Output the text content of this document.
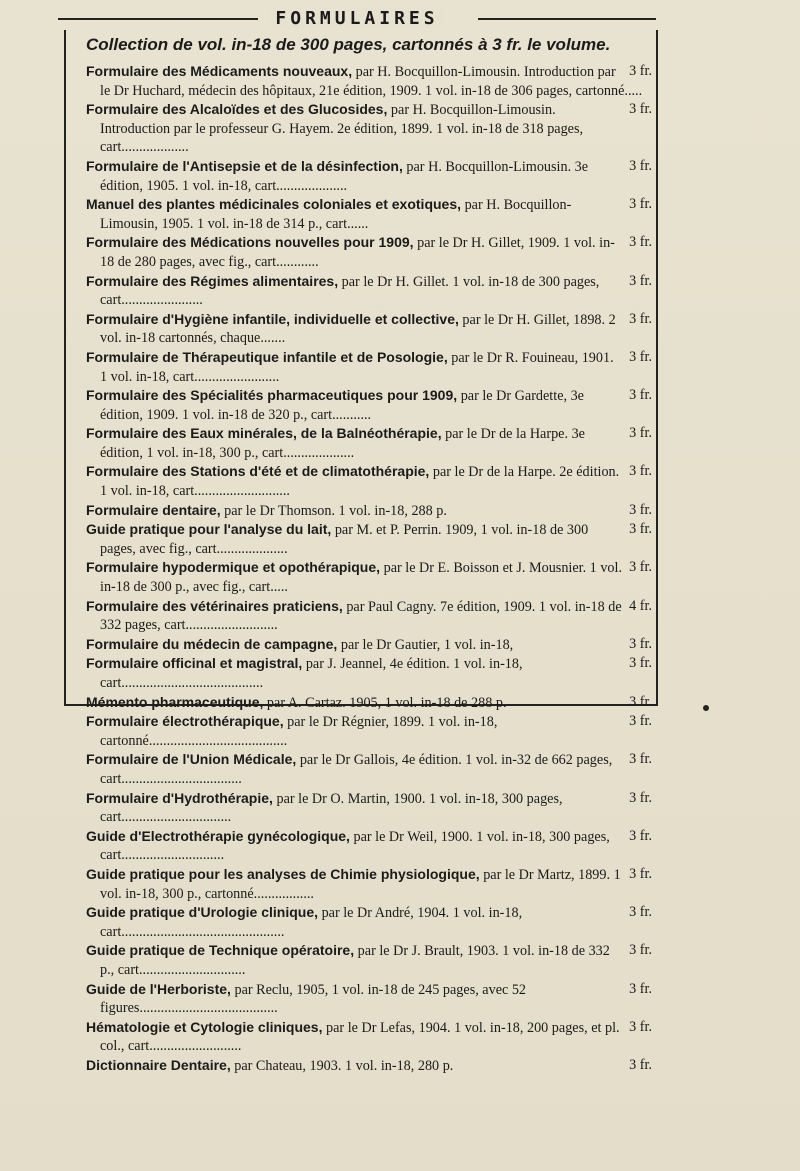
FORMULAIRES
Collection de vol. in-18 de 300 pages, cartonnés à 3 fr. le volume.

3 fr.
Formulaire des Médicaments nouveaux, par H. Bocquillon-Limousin. Introduction par le Dr Huchard, médecin des hôpitaux, 21e édition, 1909. 1 vol. in-18 de 306 pages, cartonné.....

3 fr.
Formulaire des Alcaloïdes et des Glucosides, par H. Bocquillon-Limousin. Introduction par le professeur G. Hayem. 2e édition, 1899. 1 vol. in-18 de 318 pages, cart...................

3 fr.
Formulaire de l'Antisepsie et de la désinfection, par H. Bocquillon-Limousin. 3e édition, 1905. 1 vol. in-18, cart....................

3 fr.
Manuel des plantes médicinales coloniales et exotiques, par H. Bocquillon-Limousin, 1905. 1 vol. in-18 de 314 p., cart......

3 fr.
Formulaire des Médications nouvelles pour 1909, par le Dr H. Gillet, 1909. 1 vol. in-18 de 280 pages, avec fig., cart............

3 fr.
Formulaire des Régimes alimentaires, par le Dr H. Gillet. 1 vol. in-18 de 300 pages, cart.......................

3 fr.
Formulaire d'Hygiène infantile, individuelle et collective, par le Dr H. Gillet, 1898. 2 vol. in-18 cartonnés, chaque.......

3 fr.
Formulaire de Thérapeutique infantile et de Posologie, par le Dr R. Fouineau, 1901. 1 vol. in-18, cart........................

3 fr.
Formulaire des Spécialités pharmaceutiques pour 1909, par le Dr Gardette, 3e édition, 1909. 1 vol. in-18 de 320 p., cart...........

3 fr.
Formulaire des Eaux minérales, de la Balnéothérapie, par le Dr de la Harpe. 3e édition, 1 vol. in-18, 300 p., cart....................

3 fr.
Formulaire des Stations d'été et de climatothérapie, par le Dr de la Harpe. 2e édition. 1 vol. in-18, cart...........................

3 fr.
Formulaire dentaire, par le Dr Thomson. 1 vol. in-18, 288 p.

3 fr.
Guide pratique pour l'analyse du lait, par M. et P. Perrin. 1909, 1 vol. in-18 de 300 pages, avec fig., cart....................

3 fr.
Formulaire hypodermique et opothérapique, par le Dr E. Boisson et J. Mousnier. 1 vol. in-18 de 300 p., avec fig., cart.....

4 fr.
Formulaire des vétérinaires praticiens, par Paul Cagny. 7e édition, 1909. 1 vol. in-18 de 332 pages, cart..........................

3 fr.
Formulaire du médecin de campagne, par le Dr Gautier, 1 vol. in-18,

3 fr.
Formulaire officinal et magistral, par J. Jeannel, 4e édition. 1 vol. in-18, cart........................................

3 fr.
Mémento pharmaceutique, par A. Cartaz. 1905, 1 vol. in-18 de 288 p.

3 fr.
Formulaire électrothérapique, par le Dr Régnier, 1899. 1 vol. in-18, cartonné.......................................

3 fr.
Formulaire de l'Union Médicale, par le Dr Gallois, 4e édition. 1 vol. in-32 de 662 pages, cart..................................

3 fr.
Formulaire d'Hydrothérapie, par le Dr O. Martin, 1900. 1 vol. in-18, 300 pages, cart...............................

3 fr.
Guide d'Electrothérapie gynécologique, par le Dr Weil, 1900. 1 vol. in-18, 300 pages, cart.............................

3 fr.
Guide pratique pour les analyses de Chimie physiologique, par le Dr Martz, 1899. 1 vol. in-18, 300 p., cartonné.................

3 fr.
Guide pratique d'Urologie clinique, par le Dr André, 1904. 1 vol. in-18, cart..............................................

3 fr.
Guide pratique de Technique opératoire, par le Dr J. Brault, 1903. 1 vol. in-18 de 332 p., cart..............................

3 fr.
Guide de l'Herboriste, par Reclu, 1905, 1 vol. in-18 de 245 pages, avec 52 figures.......................................

3 fr.
Hématologie et Cytologie cliniques, par le Dr Lefas, 1904. 1 vol. in-18, 200 pages, et pl. col., cart..........................

3 fr.
Dictionnaire Dentaire, par Chateau, 1903. 1 vol. in-18, 280 p.
